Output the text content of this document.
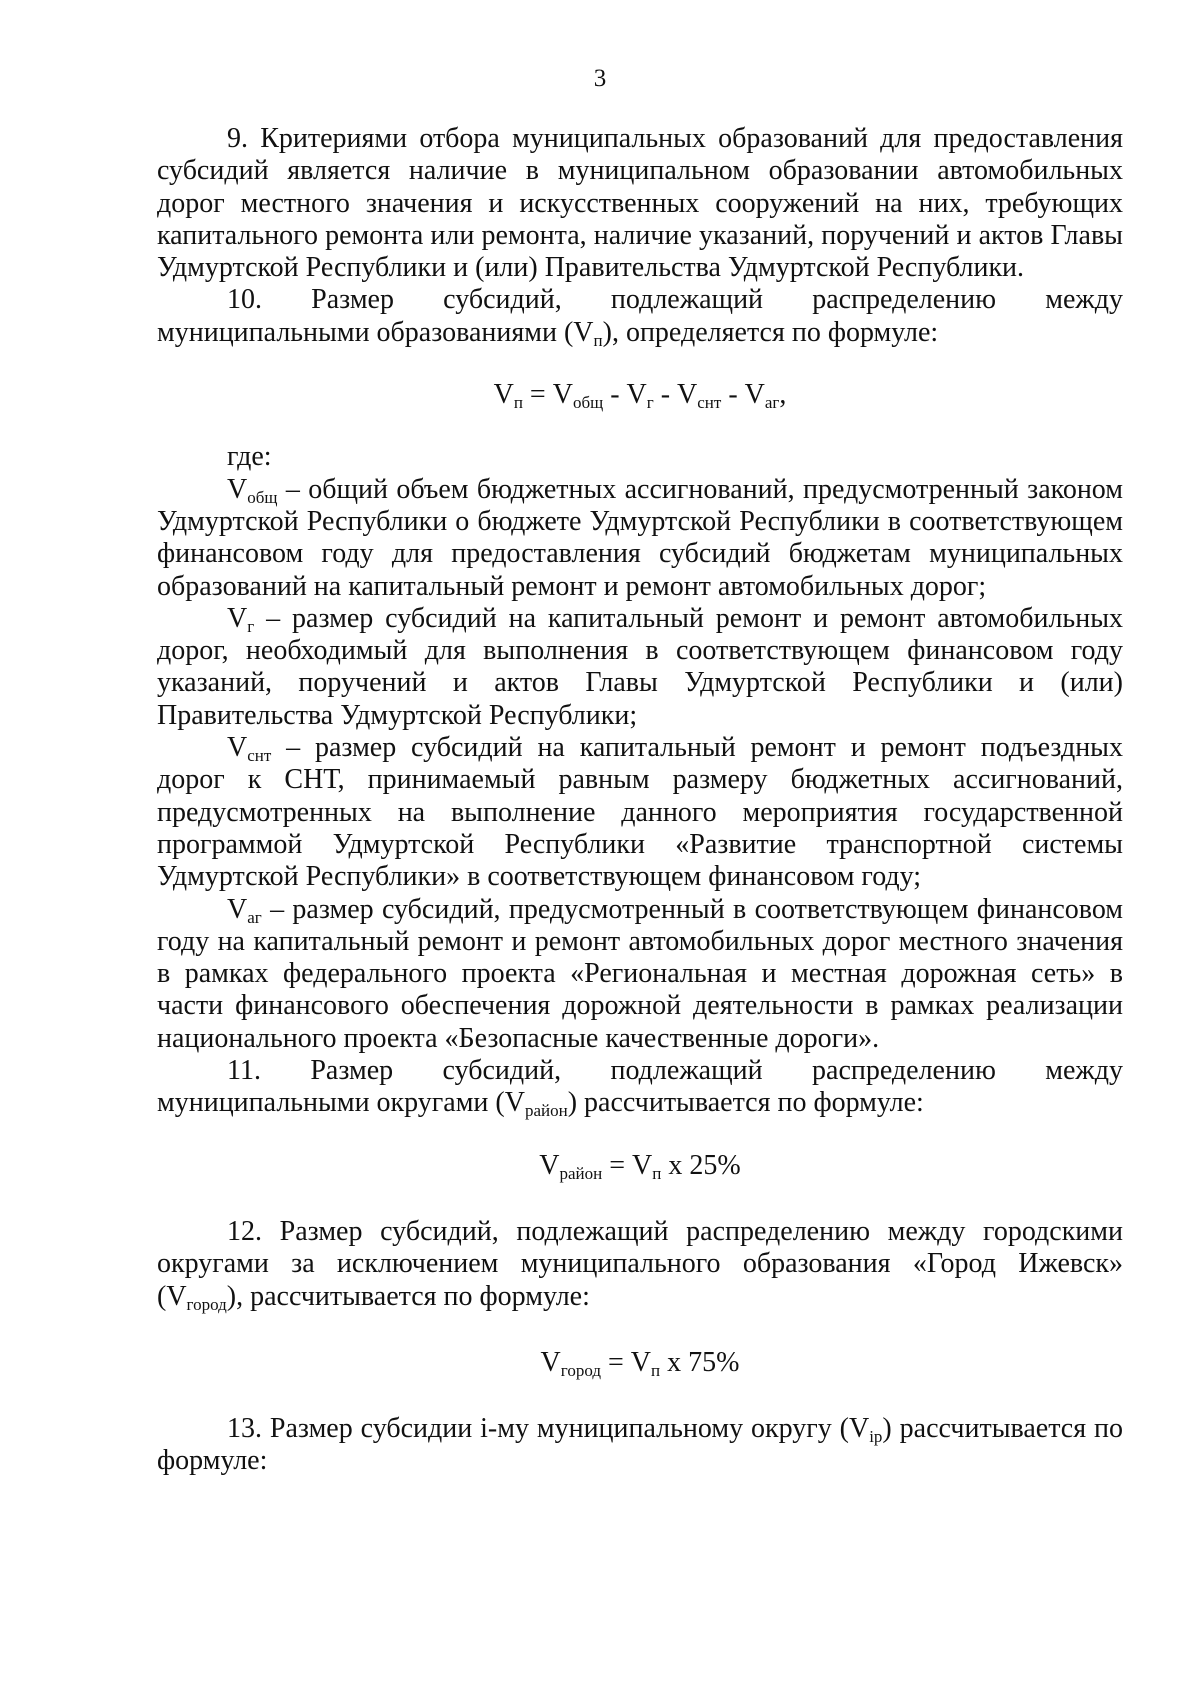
3

9. Критериями отбора муниципальных образований для предоставления субсидий является наличие в муниципальном образовании автомобильных дорог местного значения и искусственных сооружений на них, требующих капитального ремонта или ремонта, наличие указаний, поручений и актов Главы Удмуртской Республики и (или) Правительства Удмуртской Республики.

10. Размер субсидий, подлежащий распределению между муниципальными образованиями $(V_п)$, определяется по формуле:

$V_п = V_{общ} - V_г - V_{снт} - V_{аг}$,

где:

$V_{общ}$ – общий объем бюджетных ассигнований, предусмотренный законом Удмуртской Республики о бюджете Удмуртской Республики в соответствующем финансовом году для предоставления субсидий бюджетам муниципальных образований на капитальный ремонт и ремонт автомобильных дорог;

$V_г$ – размер субсидий на капитальный ремонт и ремонт автомобильных дорог, необходимый для выполнения в соответствующем финансовом году указаний, поручений и актов Главы Удмуртской Республики и (или) Правительства Удмуртской Республики;

$V_{снт}$ – размер субсидий на капитальный ремонт и ремонт подъездных дорог к СНТ, принимаемый равным размеру бюджетных ассигнований, предусмотренных на выполнение данного мероприятия государственной программой Удмуртской Республики «Развитие транспортной системы Удмуртской Республики» в соответствующем финансовом году;

$V_{аг}$ – размер субсидий, предусмотренный в соответствующем финансовом году на капитальный ремонт и ремонт автомобильных дорог местного значения в рамках федерального проекта «Региональная и местная дорожная сеть» в части финансового обеспечения дорожной деятельности в рамках реализации национального проекта «Безопасные качественные дороги».

11. Размер субсидий, подлежащий распределению между муниципальными округами $(V_{район})$ рассчитывается по формуле:

$V_{район} = V_п$ х 25%

12. Размер субсидий, подлежащий распределению между городскими округами за исключением муниципального образования «Город Ижевск» $(V_{город})$, рассчитывается по формуле:

$V_{город} = V_п$ х 75%

13. Размер субсидии i-му муниципальному округу $(V_{ip})$ рассчитывается по формуле:
